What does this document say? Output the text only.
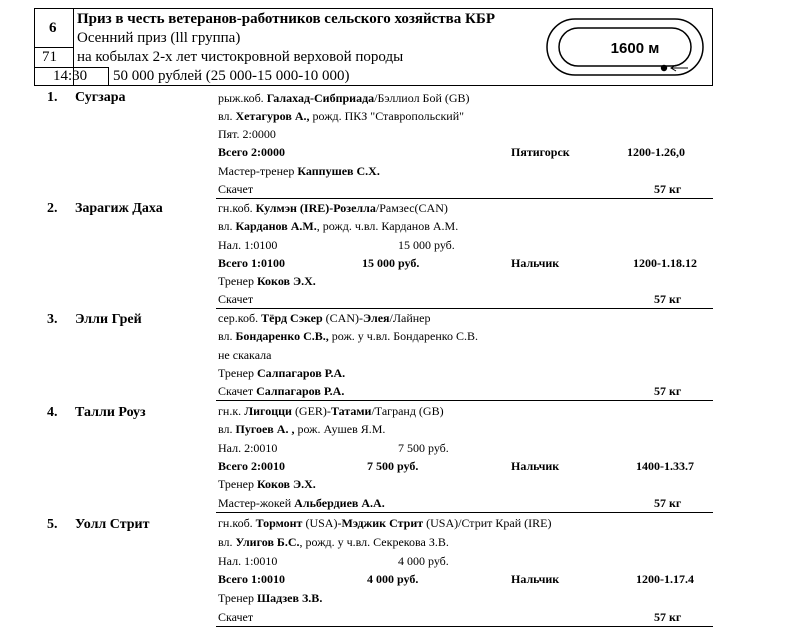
6
71
14:30
Приз в честь ветеранов-работников сельского хозяйства КБР
Осенний приз (lll группа)
на кобылах 2-х лет чистокровной верховой породы
50 000 рублей (25 000-15 000-10 000)
1600 м
1. Сугзара	рыж.коб. Галахад-Сибприада/Бэллиол Бой (GB)
вл. Хетагуров А., рожд. ПКЗ "Ставропольский"
Пят. 2:0000
Всего 2:0000	Пятигорск	1200-1.26,0
Мастер-тренер Каппушев С.Х.
Скачет	57 кг
2. Зарагиж Даха	гн.коб. Кулмэн (IRE)-Розелла/Рамзес(CAN)
вл. Карданов А.М., рожд. ч.вл. Карданов А.М.
Нал. 1:0100	15 000 руб.
Всего 1:0100	15 000 руб.	Нальчик	1200-1.18.12
Тренер Коков Э.Х.
Скачет	57 кг
3. Элли Грей	сер.коб. Тёрд Сэкер (CAN)-Элея/Лайнер
вл. Бондаренко С.В., рож. у ч.вл. Бондаренко С.В.
не скакала
Тренер Салпагаров Р.А.
Скачет Салпагаров Р.А.	57 кг
4. Талли Роуз	гн.к. Лигоцци (GER)-Татами/Тагранд (GB)
вл. Пугоев А. , рож. Аушев Я.М.
Нал. 2:0010	7 500 руб.
Всего 2:0010	7 500 руб.	Нальчик	1400-1.33.7
Тренер Коков Э.Х.
Мастер-жокей Альбердиев А.А.	57 кг
5. Уолл Стрит	гн.коб. Тормонт (USA)-Мэджик Стрит (USA)/Стрит Край (IRE)
вл. Улигов Б.С., рожд. у ч.вл. Секрекова З.В.
Нал. 1:0010	4 000 руб.
Всего 1:0010	4 000 руб.	Нальчик	1200-1.17.4
Тренер Шадзев З.В.
Скачет	57 кг
